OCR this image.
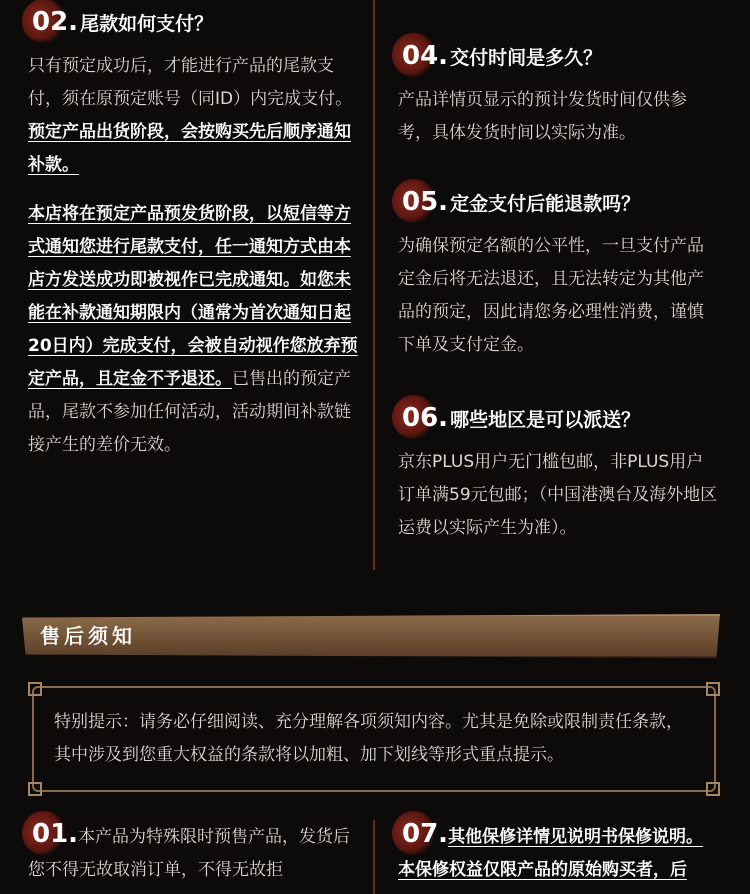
02. 尾款如何支付？
只有预定成功后，才能进行产品的尾款支付，须在原预定账号（同ID）内完成支付。预定产品出货阶段，会按购买先后顺序通知补款。
本店将在预定产品预发货阶段，以短信等方式通知您进行尾款支付，任一通知方式由本店方发送成功即被视作已完成通知。如您未能在补款通知期限内（通常为首次通知日起20日内）完成支付，会被自动视作您放弃预定产品，且定金不予退还。已售出的预定产品，尾款不参加任何活动，活动期间补款链接产生的差价无效。
04. 交付时间是多久？
产品详情页显示的预计发货时间仅供参考，具体发货时间以实际为准。
05. 定金支付后能退款吗？
为确保预定名额的公平性，一旦支付产品定金后将无法退还，且无法转定为其他产品的预定，因此请您务必理性消费，谨慎下单及支付定金。
06. 哪些地区是可以派送？
京东PLUS用户无门槛包邮，非PLUS用户订单满59元包邮；（中国港澳台及海外地区运费以实际产生为准）。
售后须知
特别提示：请务必仔细阅读、充分理解各项须知内容。尤其是免除或限制责任条款，其中涉及到您重大权益的条款将以加粗、加下划线等形式重点提示。
01.本产品为特殊限时预售产品，发货后您不得无故取消订单，不得无故拒
07.其他保修详情见说明书保修说明。本保修权益仅限产品的原始购买者，后
